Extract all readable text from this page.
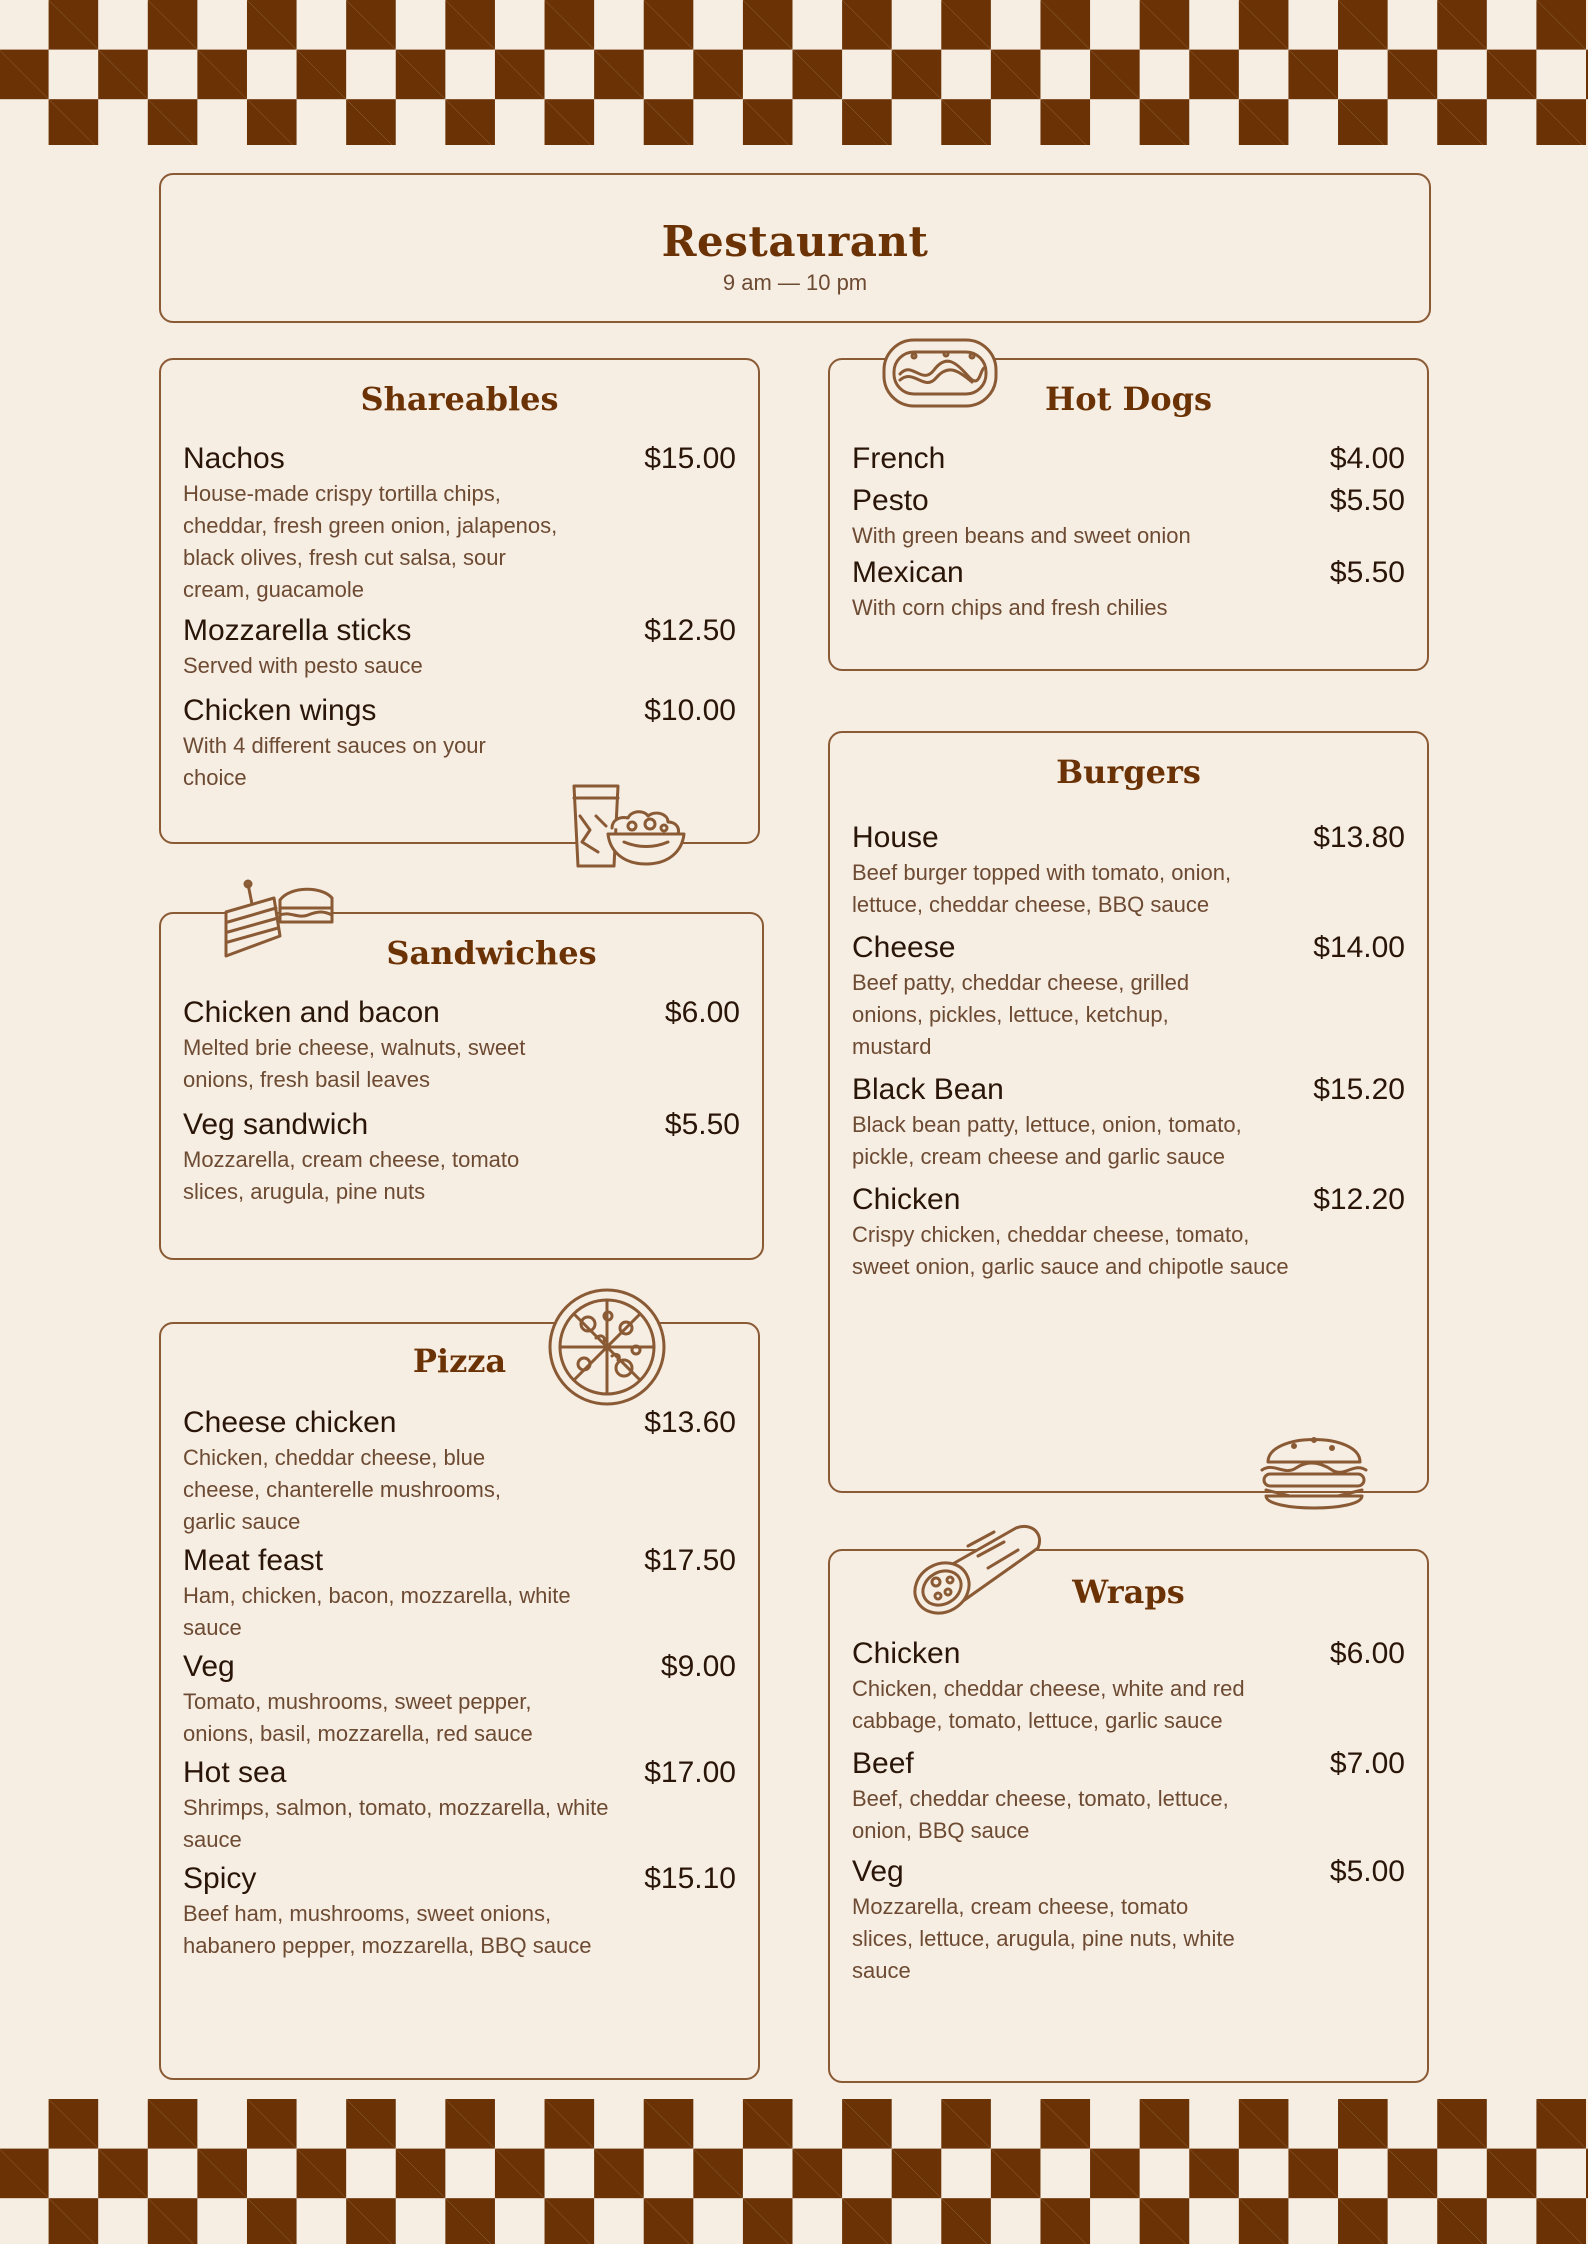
Restaurant
9 am — 10 pm
Shareables
Nachos	$15.00
House-made crispy tortilla chips, cheddar, fresh green onion, jalapenos, black olives, fresh cut salsa, sour cream, guacamole
Mozzarella sticks	$12.50
Served with pesto sauce
Chicken wings	$10.00
With 4 different sauces on your choice
Sandwiches
Chicken and bacon	$6.00
Melted brie cheese, walnuts, sweet onions, fresh basil leaves
Veg sandwich	$5.50
Mozzarella, cream cheese, tomato slices, arugula, pine nuts
Pizza
Cheese chicken	$13.60
Chicken, cheddar cheese, blue cheese, chanterelle mushrooms, garlic sauce
Meat feast	$17.50
Ham, chicken, bacon, mozzarella, white sauce
Veg	$9.00
Tomato, mushrooms, sweet pepper, onions, basil, mozzarella, red sauce
Hot sea	$17.00
Shrimps, salmon, tomato, mozzarella, white sauce
Spicy	$15.10
Beef ham, mushrooms, sweet onions, habanero pepper, mozzarella, BBQ sauce
Hot Dogs
French	$4.00
Pesto	$5.50
With green beans and sweet onion
Mexican	$5.50
With corn chips and fresh chilies
Burgers
House	$13.80
Beef burger topped with tomato, onion, lettuce, cheddar cheese, BBQ sauce
Cheese	$14.00
Beef patty, cheddar cheese, grilled onions, pickles, lettuce, ketchup, mustard
Black Bean	$15.20
Black bean patty, lettuce, onion, tomato, pickle, cream cheese and garlic sauce
Chicken	$12.20
Crispy chicken, cheddar cheese, tomato, sweet onion, garlic sauce and chipotle sauce
Wraps
Chicken	$6.00
Chicken, cheddar cheese, white and red cabbage, tomato, lettuce, garlic sauce
Beef	$7.00
Beef, cheddar cheese, tomato, lettuce, onion, BBQ sauce
Veg	$5.00
Mozzarella, cream cheese, tomato slices, lettuce, arugula, pine nuts, white sauce
